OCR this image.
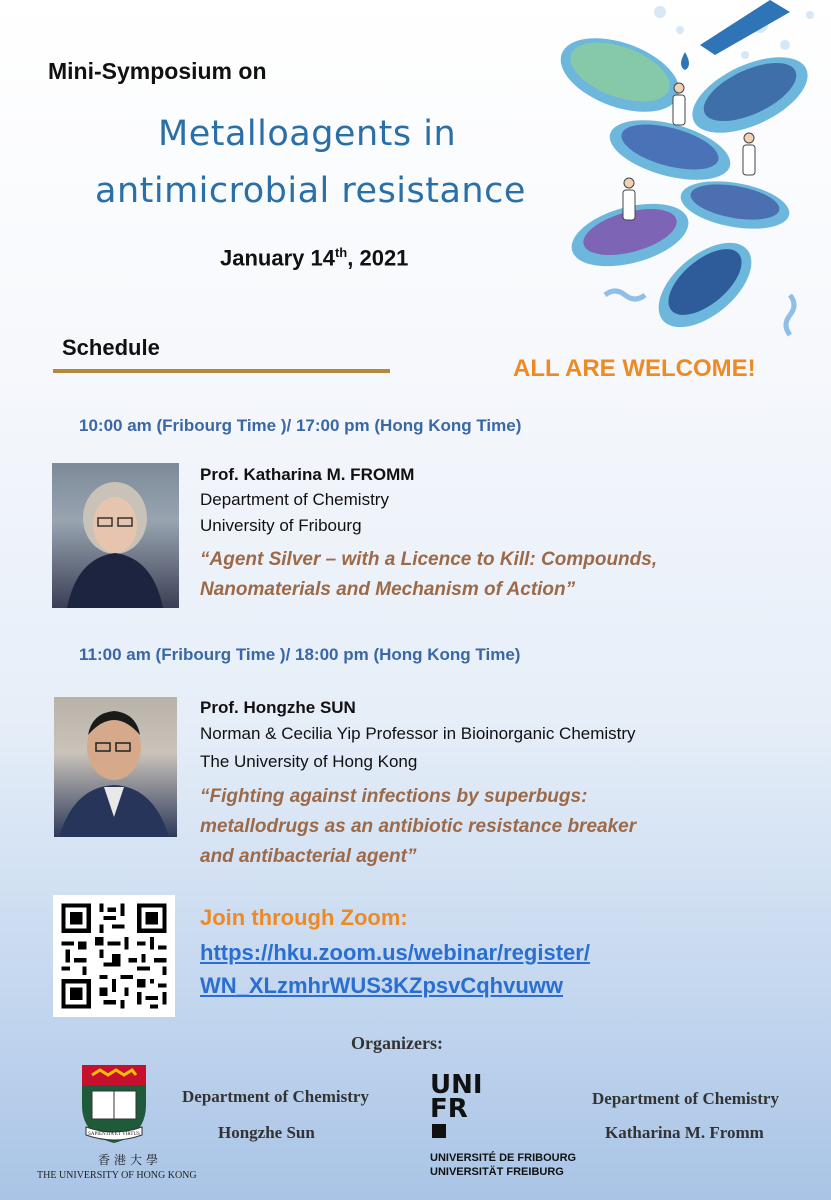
Mini-Symposium on
Metalloagents in
antimicrobial resistance
January 14th, 2021
Schedule
ALL ARE WELCOME!
10:00 am (Fribourg Time )/ 17:00 pm (Hong Kong Time)
Prof. Katharina M. FROMM
Department of Chemistry
University of Fribourg
“Agent Silver – with a Licence to Kill: Compounds,
Nanomaterials and Mechanism of Action”
11:00 am (Fribourg Time )/ 18:00 pm (Hong Kong Time)
Prof. Hongzhe SUN
Norman & Cecilia Yip Professor in Bioinorganic Chemistry
The University of Hong Kong
“Fighting against infections by superbugs:
metallodrugs as an antibiotic resistance breaker
and antibacterial agent”
Join through Zoom:
https://hku.zoom.us/webinar/register/
WN_XLzmhrWUS3KZpsvCqhvuww
Organizers:
SAPIENTIA ET VIRTUS
香港大學
THE UNIVERSITY OF HONG KONG
Department of Chemistry
Hongzhe Sun
UNI
FR
UNIVERSITÉ DE FRIBOURG
UNIVERSITÄT FREIBURG
Department of Chemistry
Katharina M. Fromm
